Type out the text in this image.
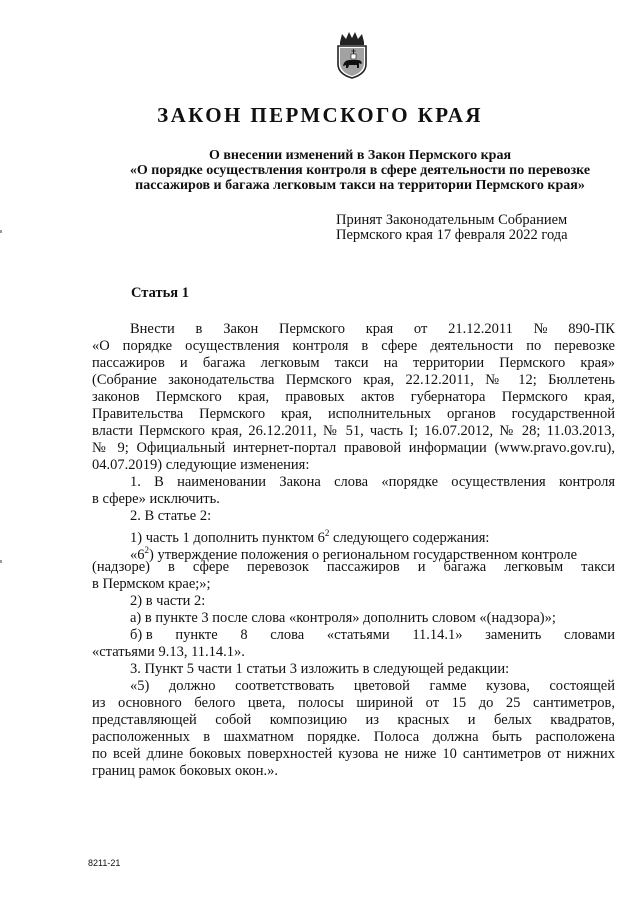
ЗАКОН ПЕРМСКОГО КРАЯ
О внесении изменений в Закон Пермского края
«О порядке осуществления контроля в сфере деятельности по перевозке
пассажиров и багажа легковым такси на территории Пермского края»
Принят Законодательным Собранием
Пермского края 17 февраля 2022 года
Статья 1
Внести в Закон Пермского края от 21.12.2011 № 890-ПК
«О порядке осуществления контроля в сфере деятельности по перевозке
пассажиров и багажа легковым такси на территории Пермского края»
(Собрание законодательства Пермского края, 22.12.2011, № 12; Бюллетень
законов Пермского края, правовых актов губернатора Пермского края,
Правительства Пермского края, исполнительных органов государственной
власти Пермского края, 26.12.2011, № 51, часть I; 16.07.2012, № 28; 11.03.2013,
№ 9; Официальный интернет-портал правовой информации (www.pravo.gov.ru),
04.07.2019) следующие изменения:
1. В наименовании Закона слова «порядке осуществления контроля
в сфере» исключить.
2. В статье 2:
1) часть 1 дополнить пунктом $6^2$ следующего содержания:
«$6^2$) утверждение положения о региональном государственном контроле
(надзоре) в сфере перевозок пассажиров и багажа легковым такси
в Пермском крае;»;
2) в части 2:
а) в пункте 3 после слова «контроля» дополнить словом «(надзора)»;
б) в пункте 8 слова «статьями 11.14.1» заменить словами
«статьями 9.13, 11.14.1».
3. Пункт 5 части 1 статьи 3 изложить в следующей редакции:
«5) должно соответствовать цветовой гамме кузова, состоящей
из основного белого цвета, полосы шириной от 15 до 25 сантиметров,
представляющей собой композицию из красных и белых квадратов,
расположенных в шахматном порядке. Полоса должна быть расположена
по всей длине боковых поверхностей кузова не ниже 10 сантиметров от нижних
границ рамок боковых окон.».
8211-21
